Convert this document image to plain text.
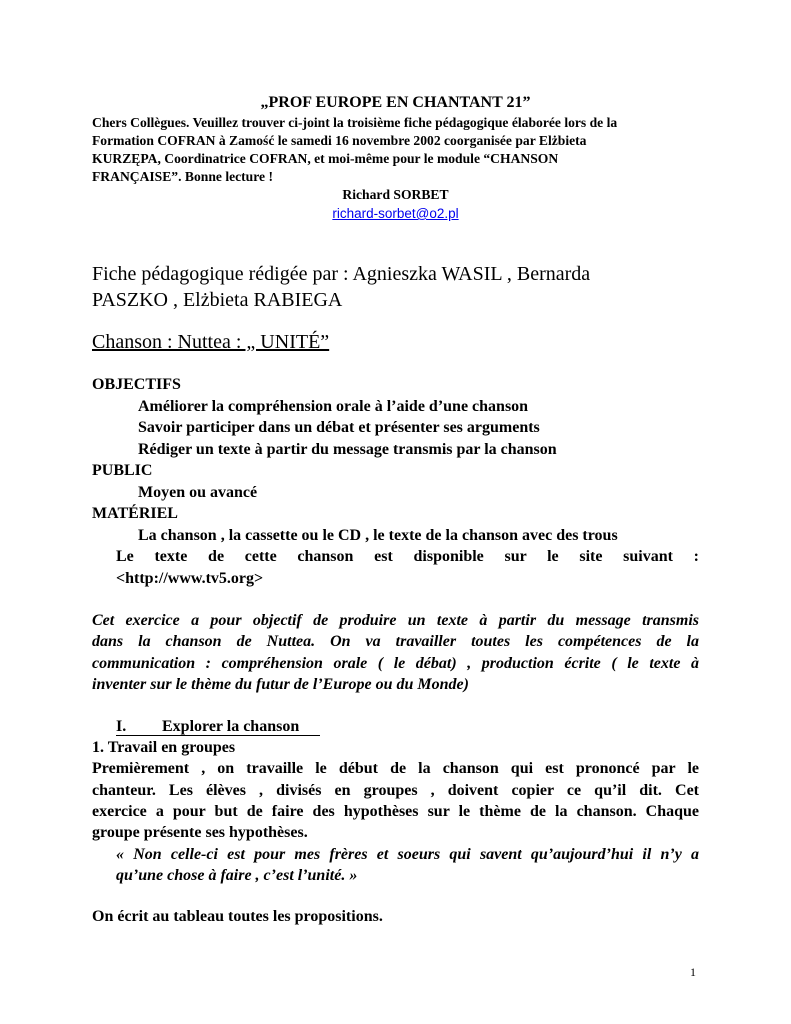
„PROF EUROPE EN CHANTANT 21”
Chers Collègues. Veuillez trouver ci-joint la troisième fiche pédagogique élaborée lors de la
Formation COFRAN à Zamość le samedi 16 novembre 2002 coorganisée par Elżbieta
KURZĘPA, Coordinatrice COFRAN, et moi-même pour le module “CHANSON
FRANÇAISE”. Bonne lecture !
Richard SORBET
richard-sorbet@o2.pl
Fiche pédagogique rédigée par : Agnieszka WASIL , Bernarda
PASZKO , Elżbieta RABIEGA
Chanson : Nuttea : „ UNITÉ”
OBJECTIFS
Améliorer la compréhension orale à l’aide d’une chanson
Savoir participer dans un débat et présenter ses arguments
Rédiger un texte à partir du message transmis par la chanson
PUBLIC
Moyen ou avancé
MATÉRIEL
La chanson , la cassette ou le CD , le texte de la chanson avec des trous
Le texte de cette chanson est disponible sur le site suivant :
<http://www.tv5.org>
Cet exercice a pour objectif de produire un texte à partir du message transmis
dans la chanson de Nuttea. On va travailler toutes les compétences de la
communication : compréhension orale ( le débat) , production écrite ( le texte à
inventer sur le thème du futur de l’Europe ou du Monde)
I. Explorer la chanson
1. Travail en groupes
Premièrement , on travaille le début de la chanson qui est prononcé par le
chanteur. Les élèves , divisés en groupes , doivent copier ce qu’il dit. Cet
exercice a pour but de faire des hypothèses sur le thème de la chanson. Chaque
groupe présente ses hypothèses.
« Non celle-ci est pour mes frères et soeurs qui savent qu’aujourd’hui il n’y a
qu’une chose à faire , c’est l’unité. »
On écrit au tableau toutes les propositions.
1
